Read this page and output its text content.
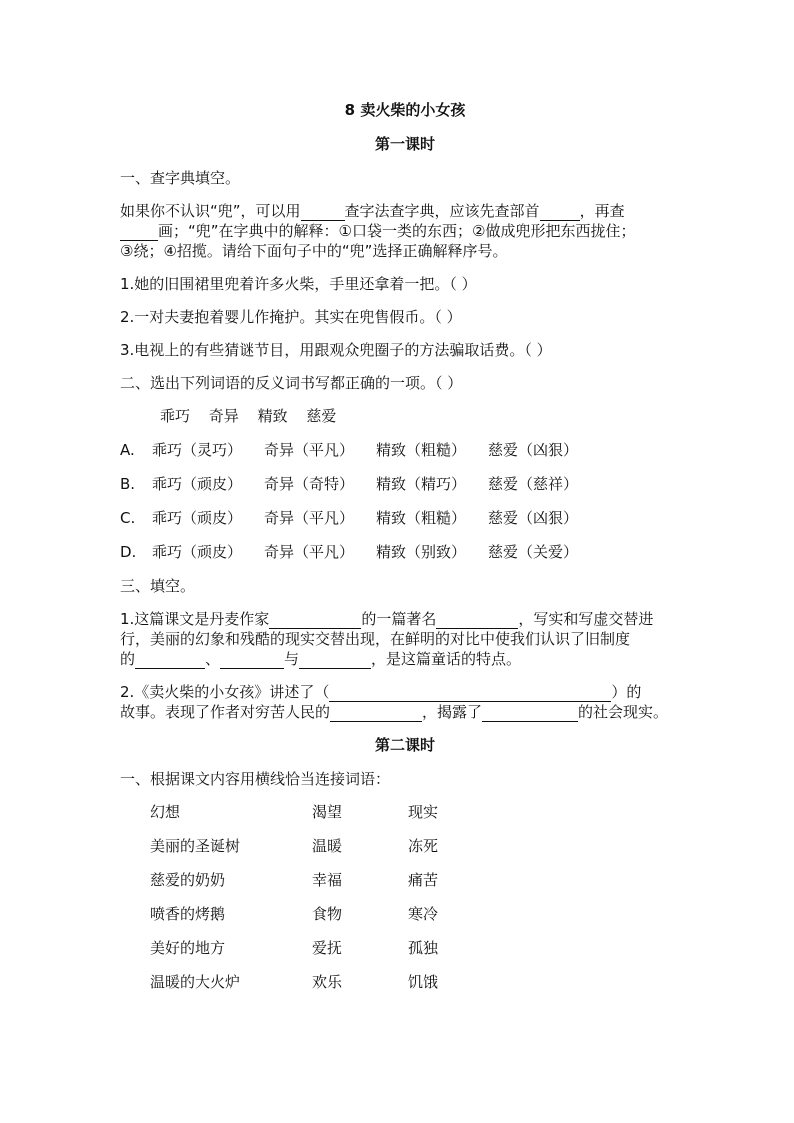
8 卖火柴的小女孩
第一课时

一、查字典填空。

如果你不认识“兜”，可以用	查字法查字典，应该先查部首	，再查

画；“兜”在字典中的解释：①口袋一类的东西；②做成兜形把东西拢住；

③绕；④招揽。请给下面句子中的“兜”选择正确解释序号。

1.她的旧围裙里兜着许多火柴，手里还拿着一把。（ ）

2.一对夫妻抱着婴儿作掩护。其实在兜售假币。（ ）

3.电视上的有些猜谜节目，用跟观众兜圈子的方法骗取话费。（ ）

二、选出下列词语的反义词书写都正确的一项。（ ）

乖巧 奇异 精致 慈爱
A.	乖巧（灵巧）	奇异（平凡）	精致（粗糙）	慈爱（凶狠）
B.	乖巧（顽皮）	奇异（奇特）	精致（精巧）	慈爱（慈祥）
C.	乖巧（顽皮）	奇异（平凡）	精致（粗糙）	慈爱（凶狠）
D.	乖巧（顽皮）	奇异（平凡）	精致（别致）	慈爱（关爱）

三、填空。

1.这篇课文是丹麦作家	的一篇著名	，写实和写虚交替进

行，美丽的幻象和残酷的现实交替出现，在鲜明的对比中使我们认识了旧制度

的	、	与	，是这篇童话的特点。

2.《卖火柴的小女孩》讲述了（	）的

故事。表现了作者对穷苦人民的	，揭露了	的社会现实。

第二课时

一、根据课文内容用横线恰当连接词语：

幻想	渴望	现实
美丽的圣诞树	温暖	冻死
慈爱的奶奶	幸福	痛苦
喷香的烤鹅	食物	寒冷
美好的地方	爱抚	孤独
温暖的大火炉	欢乐	饥饿
